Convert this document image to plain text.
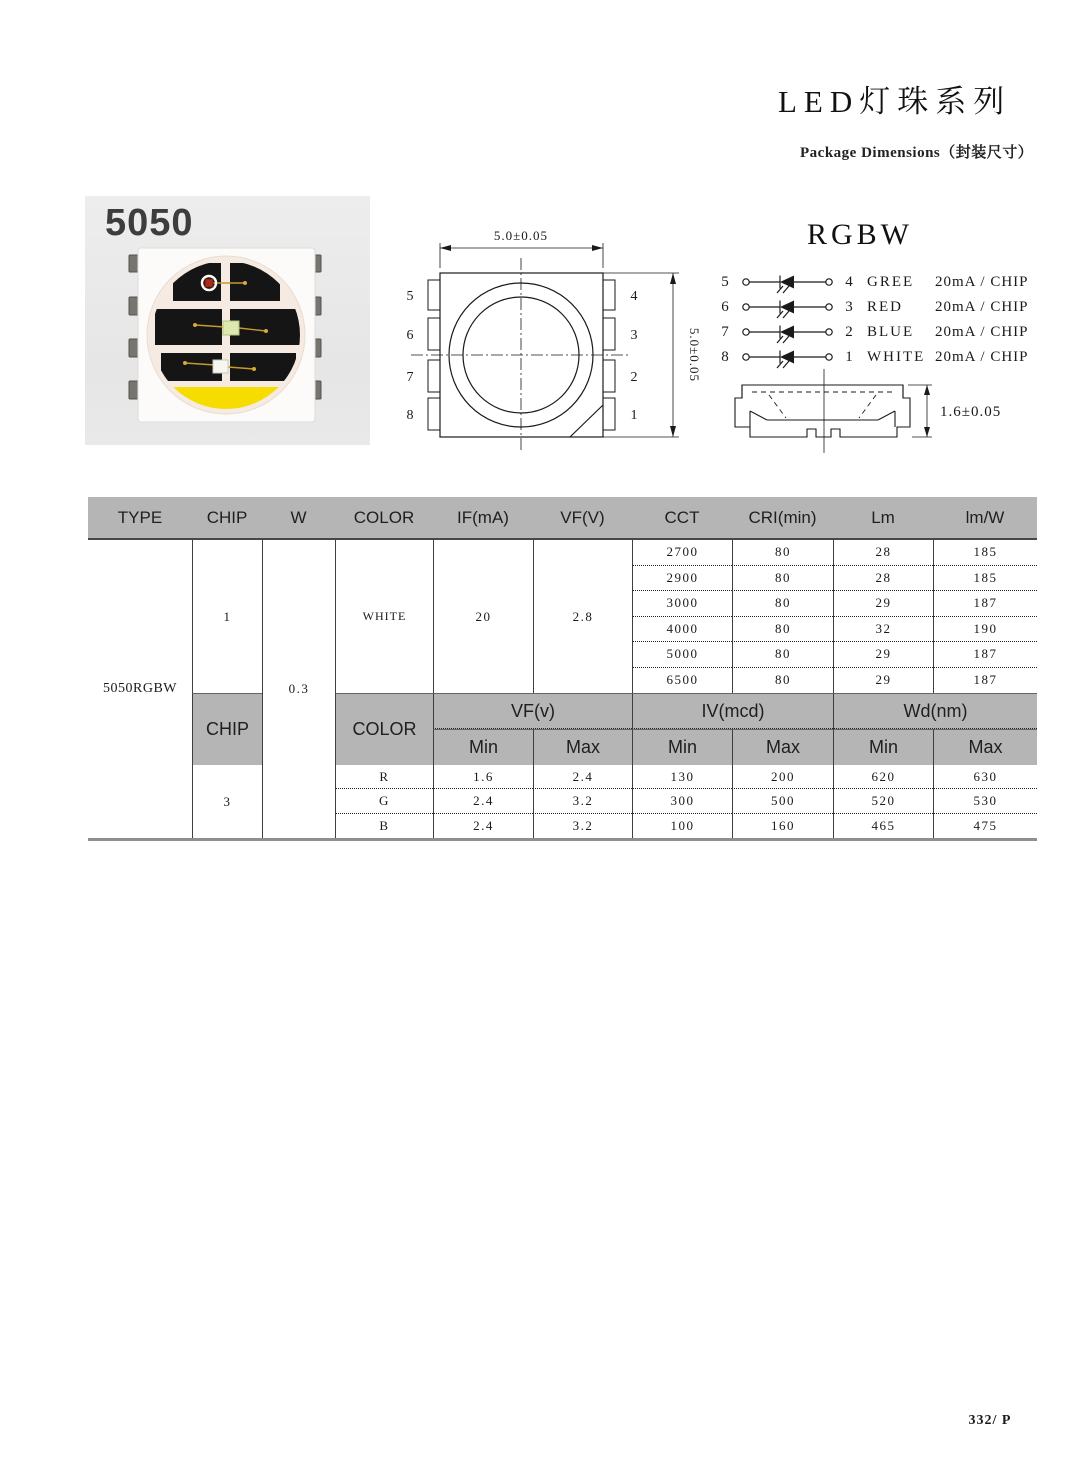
LED灯珠系列
Package Dimensions（封装尺寸）
5050	5.0±0.05
5.0±0.05
5
6
7
8
4
3
2
1
RGBW
5	4 GREE 20mA / CHIP
6	3 RED 20mA / CHIP
7	2 BLUE 20mA / CHIP
8	1 WHITE 20mA / CHIP
1.6±0.05
TYPE	CHIP	W	COLOR	IF(mA)	VF(V)	CCT	CRI(min)	Lm	lm/W
5050RGBW
1
0.3
WHITE	20	2.8
2700	80	28	185
2900	80	28	185
3000	80	29	187
4000	80	32	190
5000	80	29	187
6500	80	29	187
CHIP	COLOR
VF(v)	IV(mcd)	Wd(nm)
Min	Max	Min	Max	Min	Max
3
R	1.6	2.4	130	200	620	630
G	2.4	3.2	300	500	520	530
B	2.4	3.2	100	160	465	475
332/ P
